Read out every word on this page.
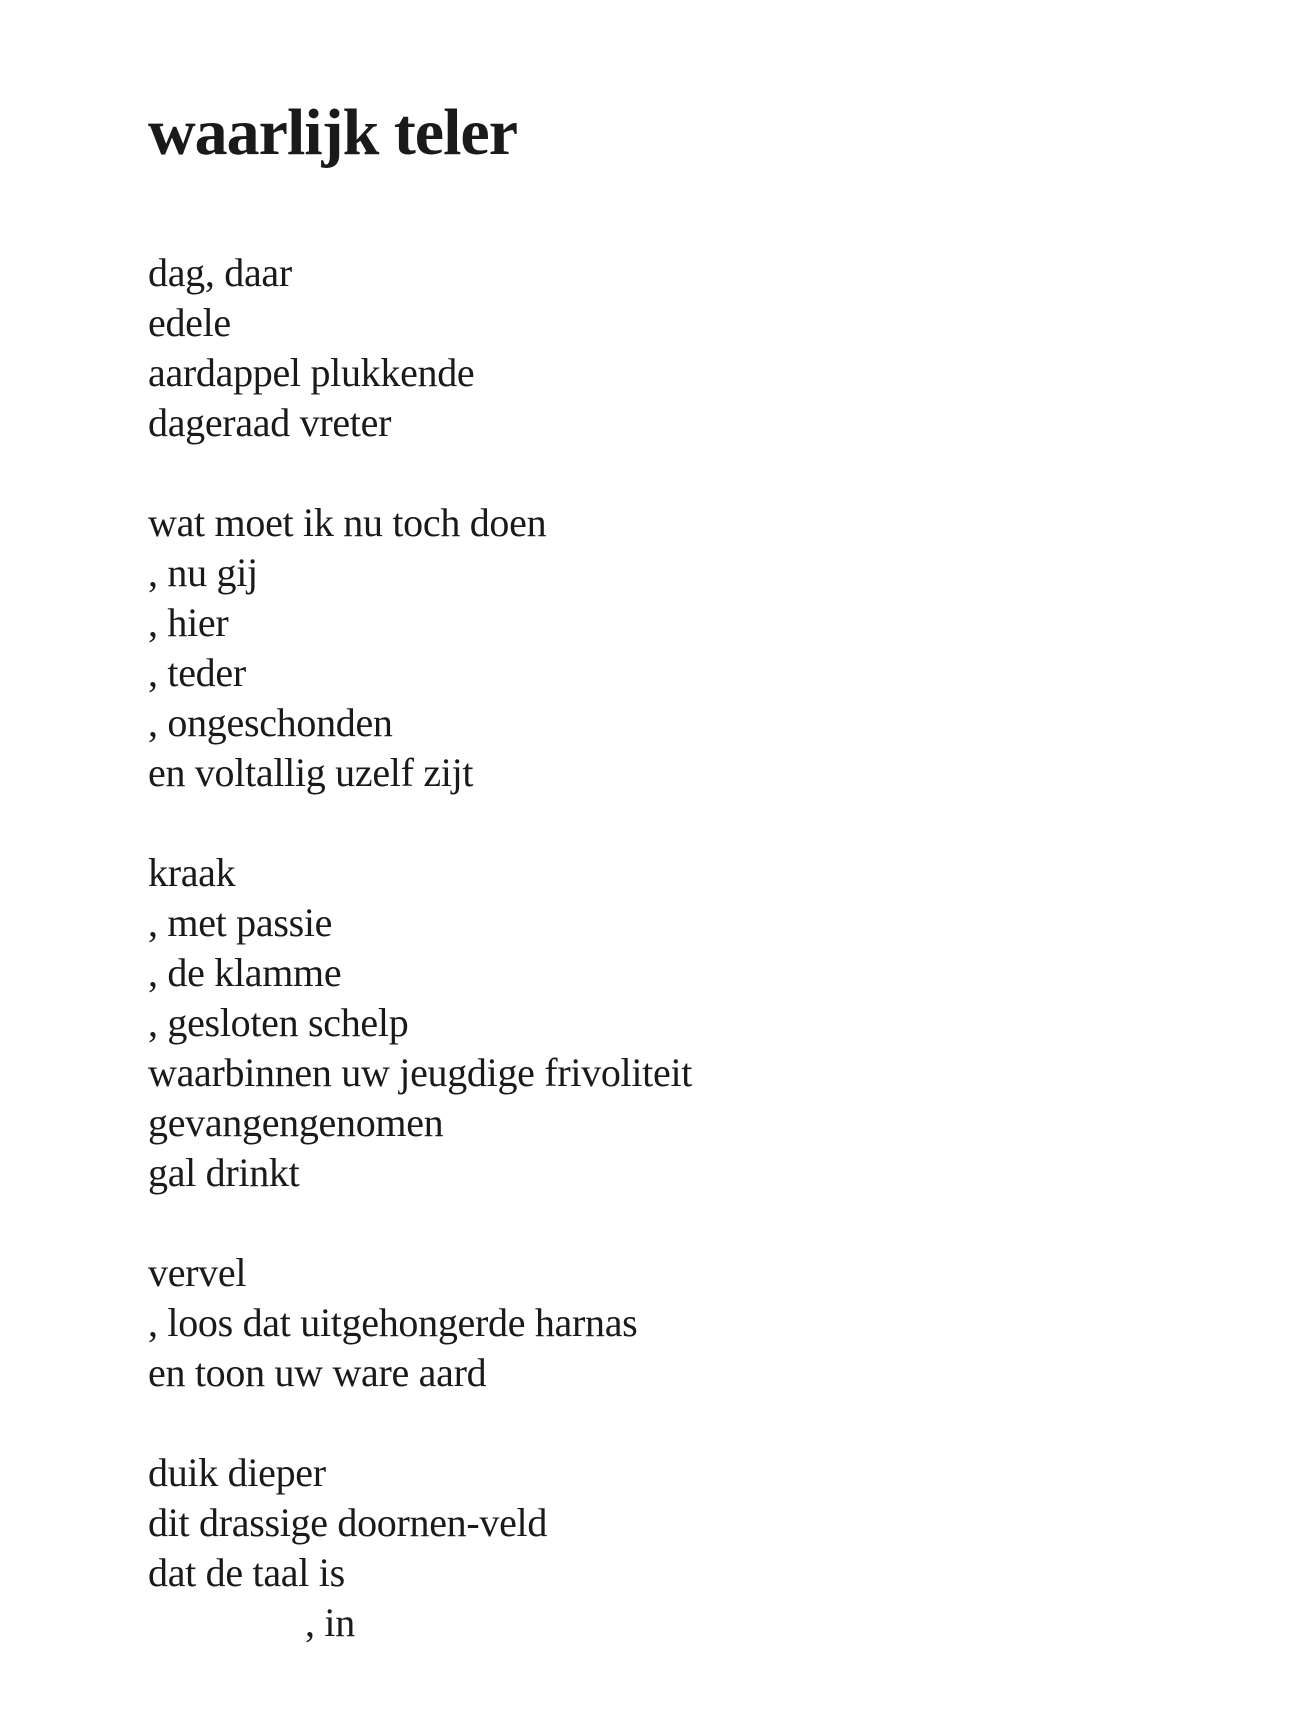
waarlijk teler
dag, daar
edele
aardappel plukkende
dageraad vreter
wat moet ik nu toch doen
, nu gij
, hier
, teder
, ongeschonden
en voltallig uzelf zijt
kraak
, met passie
, de klamme
, gesloten schelp
waarbinnen uw jeugdige frivoliteit
gevangengenomen
gal drinkt
vervel
, loos dat uitgehongerde harnas
en toon uw ware aard
duik dieper
dit drassige doornen-veld
dat de taal is
, in
